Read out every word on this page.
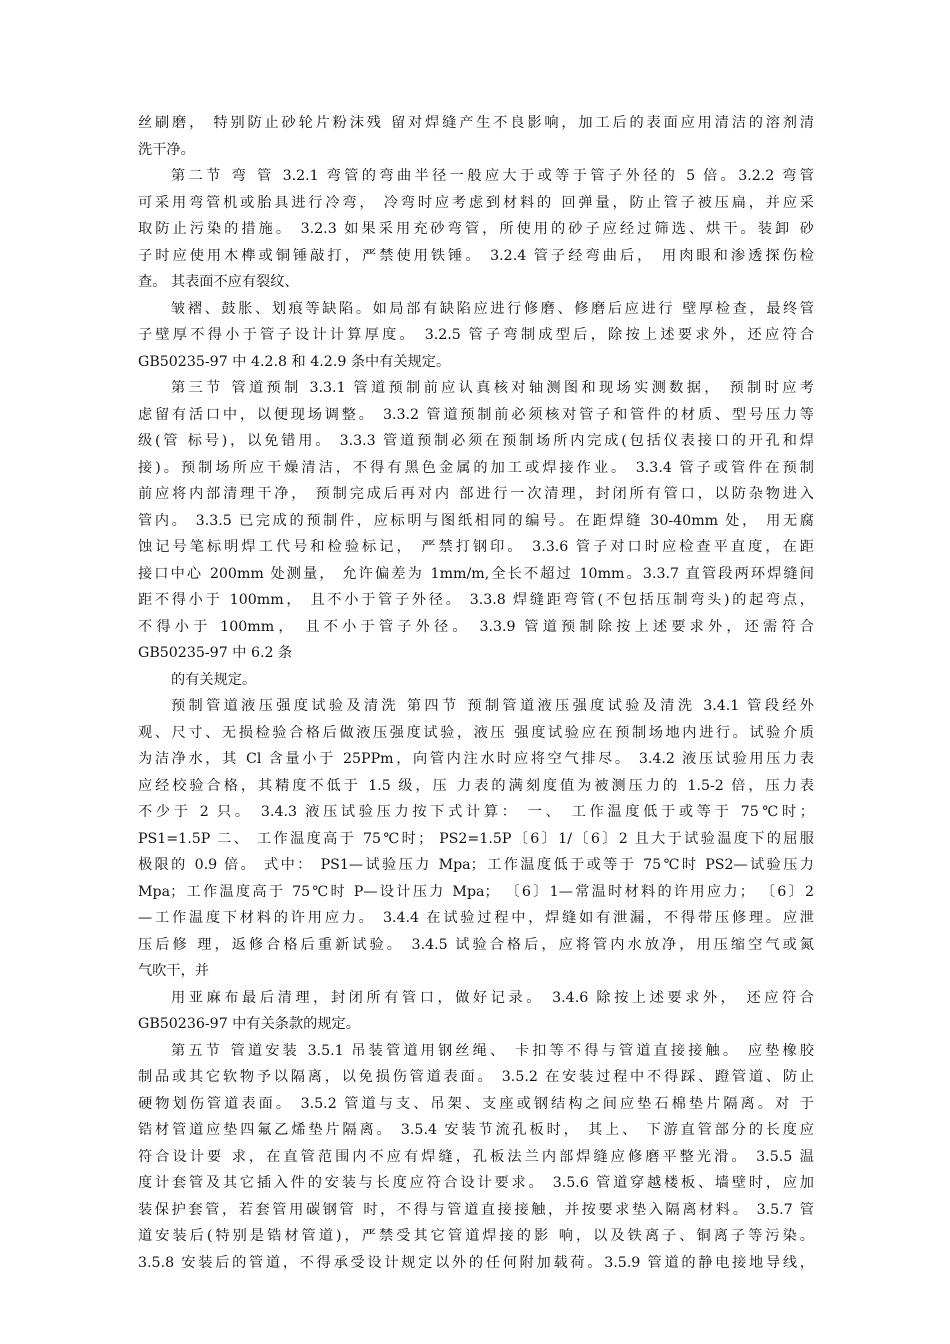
丝刷磨， 特别防止砂轮片粉沫残 留对焊缝产生不良影响，加工后的表面应用清洁的溶剂清
洗干净。
第二节 弯 管 3.2.1 弯管的弯曲半径一般应大于或等于管子外径的 5 倍。3.2.2 弯管
可采用弯管机或胎具进行冷弯， 冷弯时应考虑到材料的 回弹量，防止管子被压扁，并应采
取防止污染的措施。 3.2.3 如果采用充砂弯管，所使用的砂子应经过筛选、烘干。装卸 砂
子时应使用木榫或铜锤敲打，严禁使用铁锤。 3.2.4 管子经弯曲后， 用肉眼和渗透探伤检
查。 其表面不应有裂纹、
皱褶、鼓胀、划痕等缺陷。如局部有缺陷应进行修磨、修磨后应进行 壁厚检查，最终管
子壁厚不得小于管子设计计算厚度。 3.2.5 管子弯制成型后，除按上述要求外，还应符合
GB50235-97 中 4.2.8 和 4.2.9 条中有关规定。
第三节 管道预制 3.3.1 管道预制前应认真核对轴测图和现场实测数据， 预制时应考
虑留有活口中，以便现场调整。 3.3.2 管道预制前必须核对管子和管件的材质、型号压力等
级(管 标号)，以免错用。 3.3.3 管道预制必须在预制场所内完成(包括仪表接口的开孔和焊
接)。预制场所应干燥清洁，不得有黑色金属的加工或焊接作业。 3.3.4 管子或管件在预制
前应将内部清理干净， 预制完成后再对内 部进行一次清理，封闭所有管口，以防杂物进入
管内。 3.3.5 已完成的预制件，应标明与图纸相同的编号。在距焊缝 30-40mm 处， 用无腐
蚀记号笔标明焊工代号和检验标记， 严禁打钢印。 3.3.6 管子对口时应检查平直度，在距
接口中心 200mm 处测量， 允许偏差为 1mm/m,全长不超过 10mm。3.3.7 直管段两环焊缝间
距不得小于 100mm， 且不小于管子外径。 3.3.8 焊缝距弯管(不包括压制弯头)的起弯点，
不得小于 100mm， 且不小于管子外径。 3.3.9 管道预制除按上述要求外，还需符合
GB50235-97 中 6.2 条
的有关规定。
预制管道液压强度试验及清洗 第四节 预制管道液压强度试验及清洗 3.4.1 管段经外
观、尺寸、无损检验合格后做液压强度试验，液压 强度试验应在预制场地内进行。试验介质
为洁净水，其 Cl 含量小于 25PPm，向管内注水时应将空气排尽。 3.4.2 液压试验用压力表
应经校验合格，其精度不低于 1.5 级，压 力表的满刻度值为被测压力的 1.5-2 倍，压力表
不少于 2 只。 3.4.3 液压试验压力按下式计算： 一、 工作温度低于或等于 75℃时；
PS1=1.5P 二、 工作温度高于 75℃时； PS2=1.5P〔6〕1/〔6〕2 且大于试验温度下的屈服
极限的 0.9 倍。 式中： PS1—试验压力 Mpa；工作温度低于或等于 75℃时 PS2—试验压力
Mpa；工作温度高于 75℃时 P—设计压力 Mpa； 〔6〕1—常温时材料的许用应力； 〔6〕2
—工作温度下材料的许用应力。 3.4.4 在试验过程中，焊缝如有泄漏，不得带压修理。应泄
压后修 理，返修合格后重新试验。 3.4.5 试验合格后，应将管内水放净，用压缩空气或氮
气吹干，并
用亚麻布最后清理，封闭所有管口，做好记录。 3.4.6 除按上述要求外， 还应符合
GB50236-97 中有关条款的规定。
第五节 管道安装 3.5.1 吊装管道用钢丝绳、 卡扣等不得与管道直接接触。 应垫橡胶
制品或其它软物予以隔离，以免损伤管道表面。 3.5.2 在安装过程中不得踩、蹬管道、防止
硬物划伤管道表面。 3.5.2 管道与支、吊架、支座或钢结构之间应垫石棉垫片隔离。对 于
锆材管道应垫四氟乙烯垫片隔离。 3.5.4 安装节流孔板时， 其上、 下游直管部分的长度应
符合设计要 求，在直管范围内不应有焊缝，孔板法兰内部焊缝应修磨平整光滑。 3.5.5 温
度计套管及其它插入件的安装与长度应符合设计要求。 3.5.6 管道穿越楼板、墙壁时，应加
装保护套管，若套管用碳钢管 时，不得与管道直接接触，并按要求垫入隔离材料。 3.5.7 管
道安装后(特别是锆材管道)，严禁受其它管道焊接的影 响，以及铁离子、铜离子等污染。
3.5.8 安装后的管道，不得承受设计规定以外的任何附加载荷。3.5.9 管道的静电接地导线，
